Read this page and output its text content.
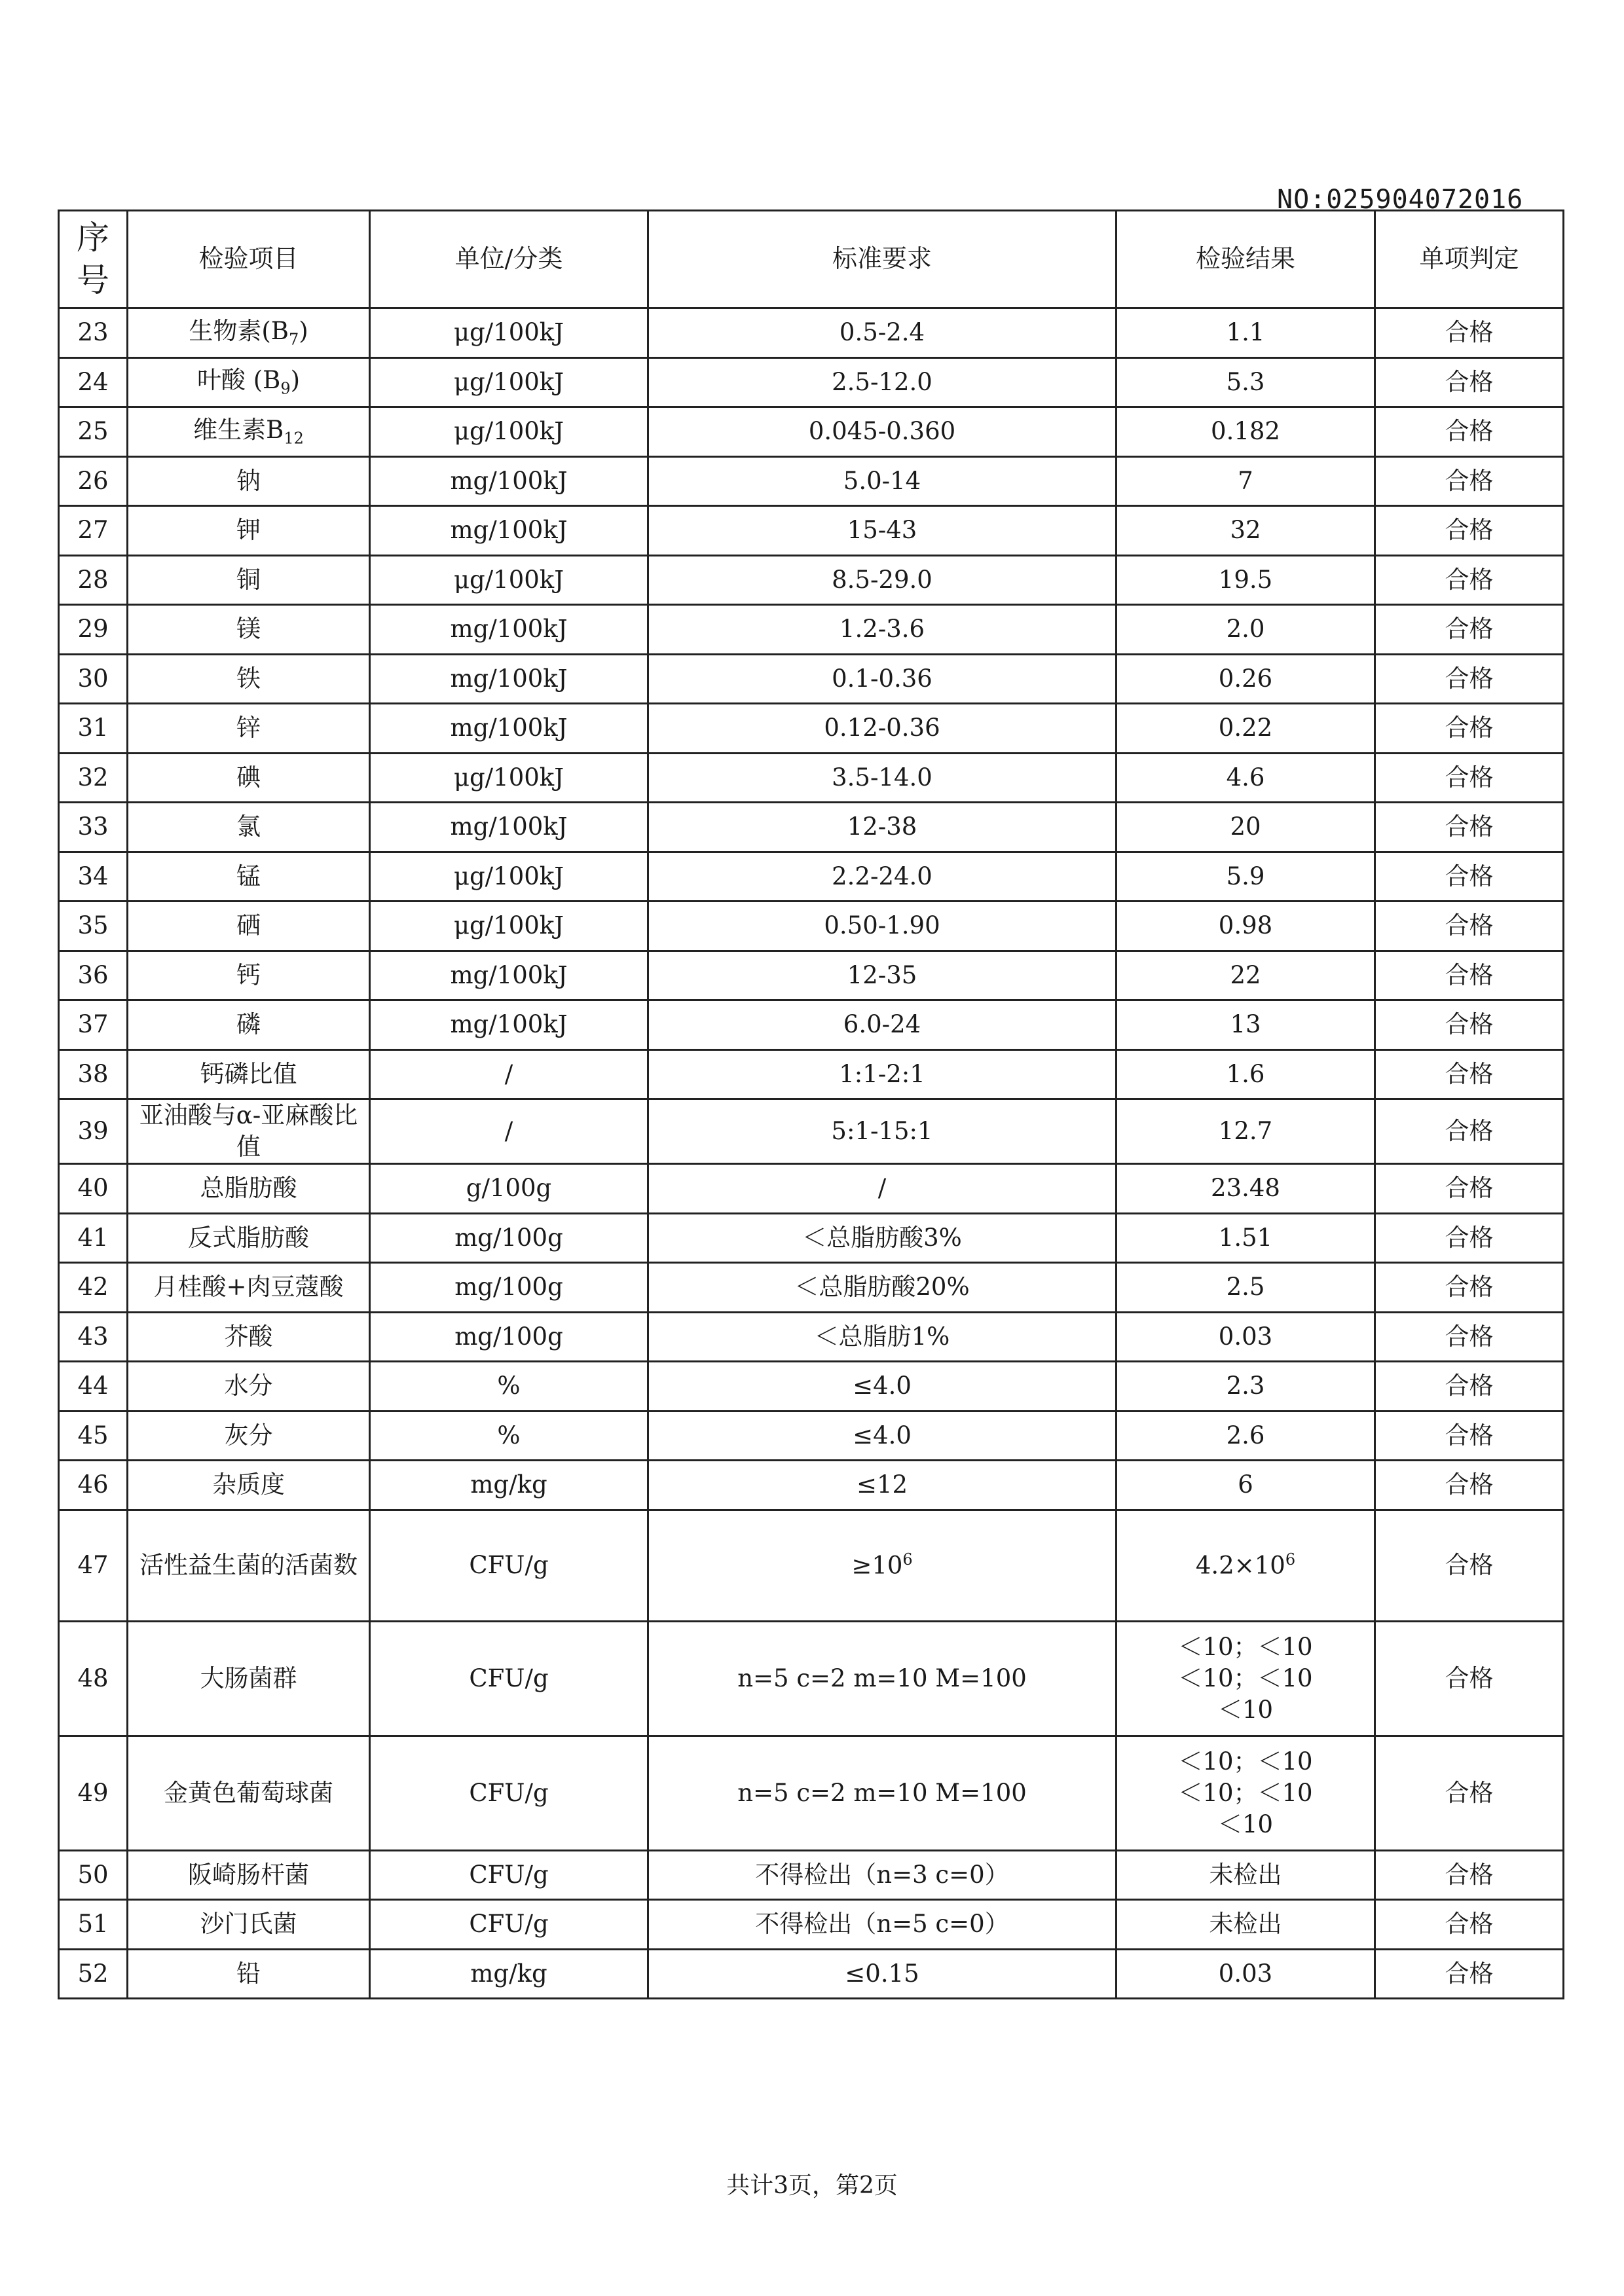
NO:025904072016
序号	检验项目	单位/分类	标准要求	检验结果	单项判定
23	生物素$(B_7)$	μg/100kJ	0.5-2.4	1.1	合格
24	叶酸 $(B_9)$	μg/100kJ	2.5-12.0	5.3	合格
25	维生素$B_{12}$	μg/100kJ	0.045-0.360	0.182	合格
26	钠	mg/100kJ	5.0-14	7	合格
27	钾	mg/100kJ	15-43	32	合格
28	铜	μg/100kJ	8.5-29.0	19.5	合格
29	镁	mg/100kJ	1.2-3.6	2.0	合格
30	铁	mg/100kJ	0.1-0.36	0.26	合格
31	锌	mg/100kJ	0.12-0.36	0.22	合格
32	碘	μg/100kJ	3.5-14.0	4.6	合格
33	氯	mg/100kJ	12-38	20	合格
34	锰	μg/100kJ	2.2-24.0	5.9	合格
35	硒	μg/100kJ	0.50-1.90	0.98	合格
36	钙	mg/100kJ	12-35	22	合格
37	磷	mg/100kJ	6.0-24	13	合格
38	钙磷比值	/	1:1-2:1	1.6	合格
39	亚油酸与α-亚麻酸比值	/	5:1-15:1	12.7	合格
40	总脂肪酸	g/100g	/	23.48	合格
41	反式脂肪酸	mg/100g	＜总脂肪酸3%	1.51	合格
42	月桂酸+肉豆蔻酸	mg/100g	＜总脂肪酸20%	2.5	合格
43	芥酸	mg/100g	＜总脂肪1%	0.03	合格
44	水分	%	≤4.0	2.3	合格
45	灰分	%	≤4.0	2.6	合格
46	杂质度	mg/kg	≤12	6	合格
47	活性益生菌的活菌数	CFU/g	$\ge 10^6$	$4.2\times 10^6$	合格
48	大肠菌群	CFU/g	n=5 c=2 m=10 M=100	＜10；＜10
＜10；＜10
＜10	合格
49	金黄色葡萄球菌	CFU/g	n=5 c=2 m=10 M=100	＜10；＜10
＜10；＜10
＜10	合格
50	阪崎肠杆菌	CFU/g	不得检出（n=3 c=0）	未检出	合格
51	沙门氏菌	CFU/g	不得检出（n=5 c=0）	未检出	合格
52	铅	mg/kg	≤0.15	0.03	合格
共计3页，第2页
